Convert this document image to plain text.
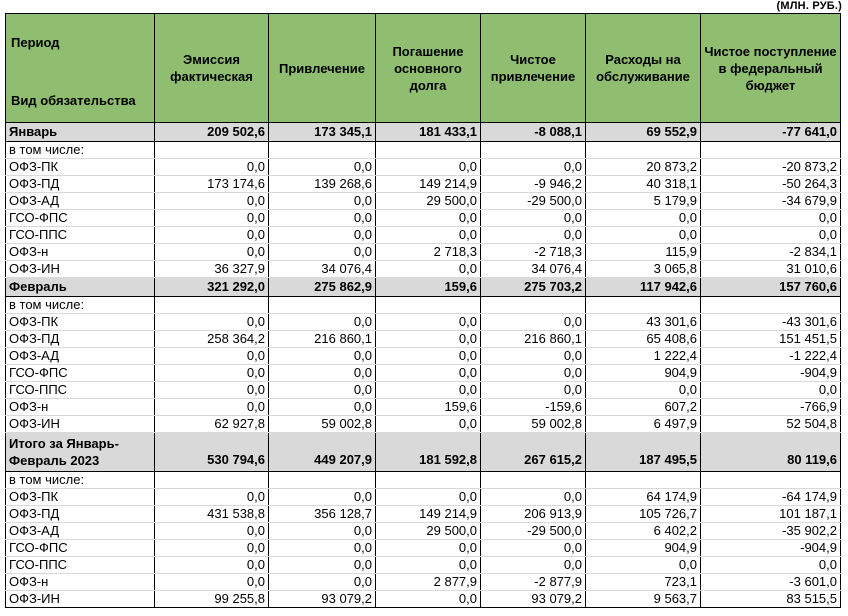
(МЛН. РУБ.)
Период
Вид обязательства	Эмиссия фактическая	Привлечение	Погашение основного долга	Чистое привлечение	Расходы на обслуживание	Чистое поступление в федеральный бюджет
Январь	209 502,6	173 345,1	181 433,1	-8 088,1	69 552,9	-77 641,0
в том числе:						
ОФЗ-ПК	0,0	0,0	0,0	0,0	20 873,2	-20 873,2
ОФЗ-ПД	173 174,6	139 268,6	149 214,9	-9 946,2	40 318,1	-50 264,3
ОФЗ-АД	0,0	0,0	29 500,0	-29 500,0	5 179,9	-34 679,9
ГСО-ФПС	0,0	0,0	0,0	0,0	0,0	0,0
ГСО-ППС	0,0	0,0	0,0	0,0	0,0	0,0
ОФЗ-н	0,0	0,0	2 718,3	-2 718,3	115,9	-2 834,1
ОФЗ-ИН	36 327,9	34 076,4	0,0	34 076,4	3 065,8	31 010,6
Февраль	321 292,0	275 862,9	159,6	275 703,2	117 942,6	157 760,6
в том числе:						
ОФЗ-ПК	0,0	0,0	0,0	0,0	43 301,6	-43 301,6
ОФЗ-ПД	258 364,2	216 860,1	0,0	216 860,1	65 408,6	151 451,5
ОФЗ-АД	0,0	0,0	0,0	0,0	1 222,4	-1 222,4
ГСО-ФПС	0,0	0,0	0,0	0,0	904,9	-904,9
ГСО-ППС	0,0	0,0	0,0	0,0	0,0	0,0
ОФЗ-н	0,0	0,0	159,6	-159,6	607,2	-766,9
ОФЗ-ИН	62 927,8	59 002,8	0,0	59 002,8	6 497,9	52 504,8
Итого за Январь-Февраль 2023	530 794,6	449 207,9	181 592,8	267 615,2	187 495,5	80 119,6
в том числе:						
ОФЗ-ПК	0,0	0,0	0,0	0,0	64 174,9	-64 174,9
ОФЗ-ПД	431 538,8	356 128,7	149 214,9	206 913,9	105 726,7	101 187,1
ОФЗ-АД	0,0	0,0	29 500,0	-29 500,0	6 402,2	-35 902,2
ГСО-ФПС	0,0	0,0	0,0	0,0	904,9	-904,9
ГСО-ППС	0,0	0,0	0,0	0,0	0,0	0,0
ОФЗ-н	0,0	0,0	2 877,9	-2 877,9	723,1	-3 601,0
ОФЗ-ИН	99 255,8	93 079,2	0,0	93 079,2	9 563,7	83 515,5
